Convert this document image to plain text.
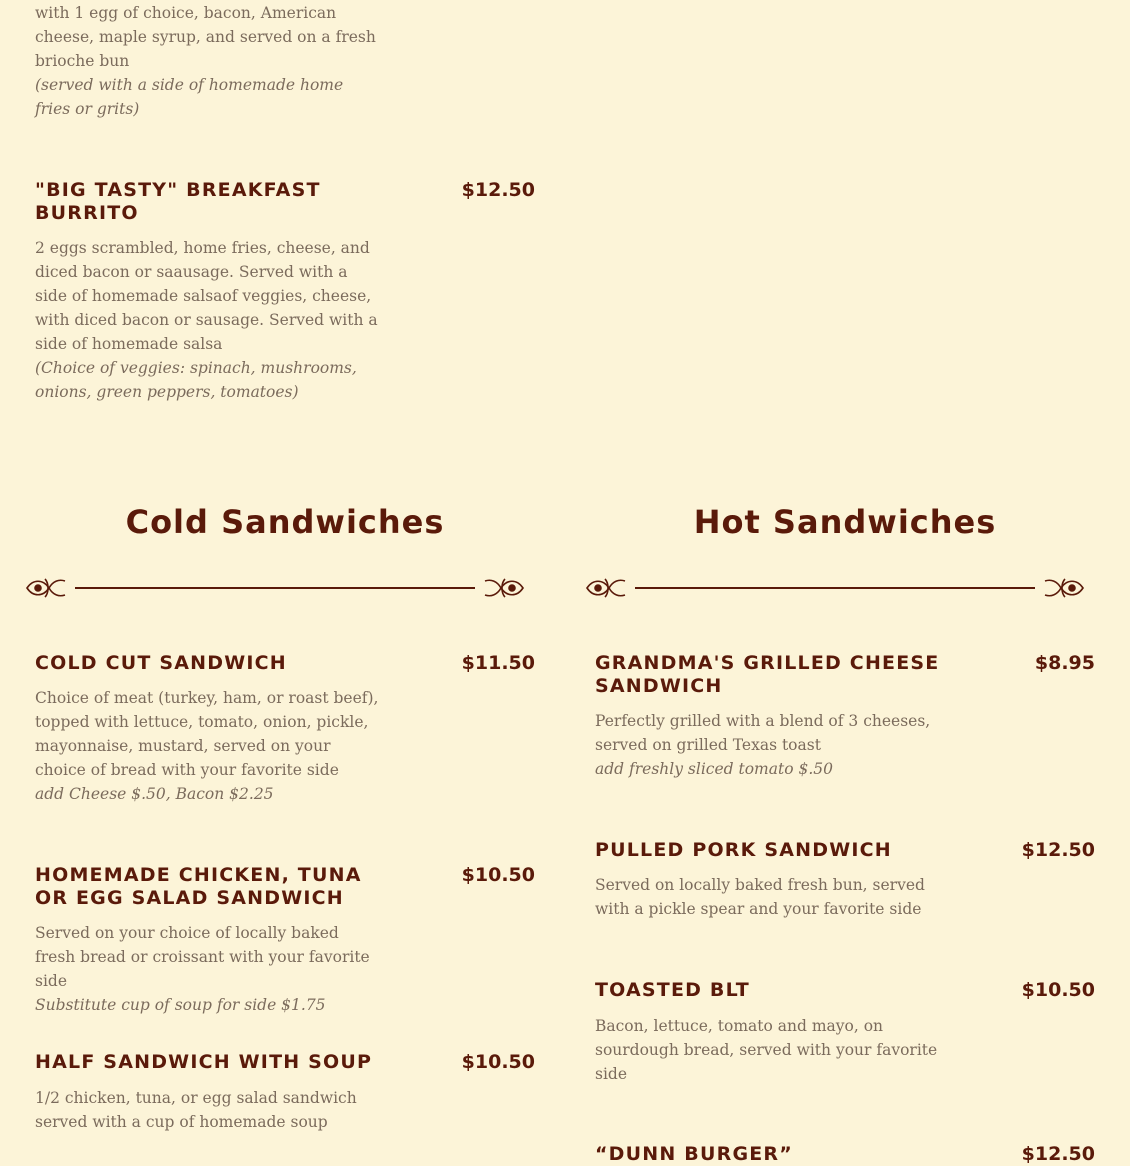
with 1 egg of choice, bacon, American cheese, maple syrup, and served on a fresh brioche bun
(served with a side of homemade home fries or grits)

"BIG TASTY" BREAKFAST BURRITO
$12.50

2 eggs scrambled, home fries, cheese, and diced bacon or saausage. Served with a side of homemade salsaof veggies, cheese, with diced bacon or sausage. Served with a side of homemade salsa
(Choice of veggies: spinach, mushrooms, onions, green peppers, tomatoes)

Cold Sandwiches
COLD CUT SANDWICH	$11.50

Choice of meat (turkey, ham, or roast beef), topped with lettuce, tomato, onion, pickle, mayonnaise, mustard, served on your choice of bread with your favorite side
add Cheese $.50, Bacon $2.25

HOMEMADE CHICKEN, TUNA OR EGG SALAD SANDWICH
$10.50

Served on your choice of locally baked fresh bread or croissant with your favorite side
Substitute cup of soup for side $1.75

HALF SANDWICH WITH SOUP	$10.50

1/2 chicken, tuna, or egg salad sandwich served with a cup of homemade soup

Hot Sandwiches
GRANDMA'S GRILLED CHEESE SANDWICH
$8.95

Perfectly grilled with a blend of 3 cheeses, served on grilled Texas toast
add freshly sliced tomato $.50

PULLED PORK SANDWICH	$12.50

Served on locally baked fresh bun, served with a pickle spear and your favorite side

TOASTED BLT	$10.50

Bacon, lettuce, tomato and mayo, on sourdough bread, served with your favorite side

“DUNN BURGER”	$12.50
